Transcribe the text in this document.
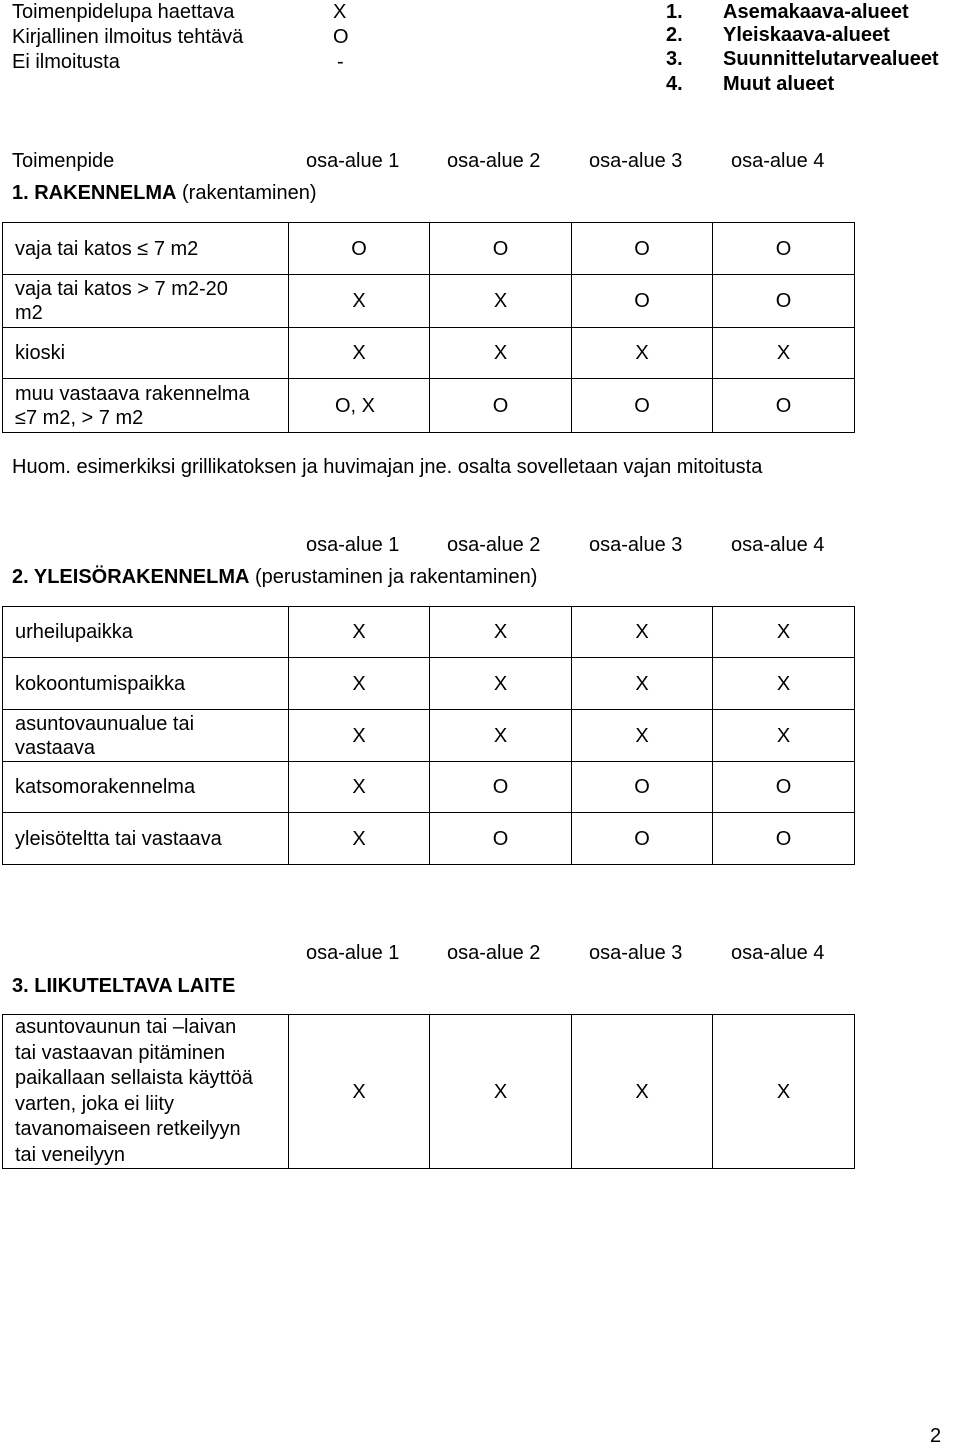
Toimenpidelupa haettava	X
Kirjallinen ilmoitus tehtävä	O
Ei ilmoitusta	-
1. Asemakaava-alueet
2. Yleiskaava-alueet
3. Suunnittelutarvealueet
4. Muut alueet
Toimenpide	osa-alue 1 osa-alue 2 osa-alue 3 osa-alue 4
1. RAKENNELMA (rakentaminen)
vaja tai katos ≤ 7 m2	O	O	O	O
vaja tai katos > 7 m2-20
m2	X	X	O	O
kioski	X	X	X	X
muu vastaava rakennelma
≤7 m2, > 7 m2	O, X	O	O	O
Huom. esimerkiksi grillikatoksen ja huvimajan jne. osalta sovelletaan vajan mitoitusta
osa-alue 1 osa-alue 2 osa-alue 3 osa-alue 4
2. YLEISÖRAKENNELMA (perustaminen ja rakentaminen)
urheilupaikka	X	X	X	X
kokoontumispaikka	X	X	X	X
asuntovaunualue tai
vastaava	X	X	X	X
katsomorakennelma	X	O	O	O
yleisöteltta tai vastaava	X	O	O	O
osa-alue 1 osa-alue 2 osa-alue 3 osa-alue 4
3. LIIKUTELTAVA LAITE
asuntovaunun tai –laivan
tai vastaavan pitäminen
paikallaan sellaista käyttöä
varten, joka ei liity
tavanomaiseen retkeilyyn
tai veneilyyn	X	X	X	X
2
